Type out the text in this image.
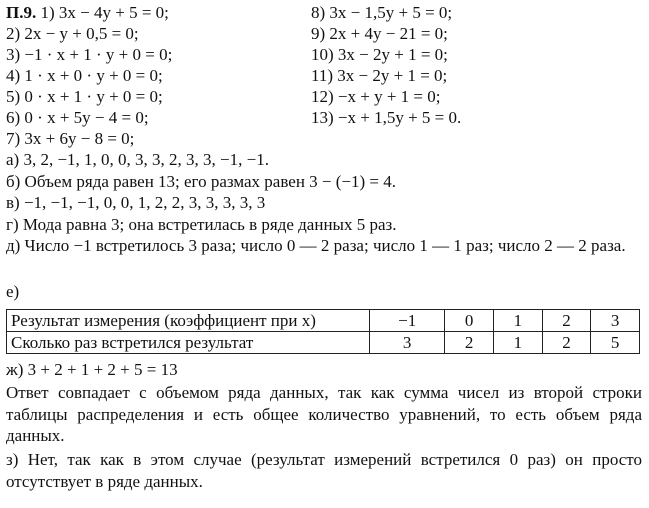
П.9. 1) 3x − 4y + 5 = 0;
2) 2x − y + 0,5 = 0;
3) −1 · x + 1 · y + 0 = 0;
4) 1 · x + 0 · y + 0 = 0;
5) 0 · x + 1 · y + 0 = 0;
6) 0 · x + 5y − 4 = 0;
7) 3x + 6y − 8 = 0;
8) 3x − 1,5y + 5 = 0;
9) 2x + 4y − 21 = 0;
10) 3x − 2y + 1 = 0;
11) 3x − 2y + 1 = 0;
12) −x + y + 1 = 0;
13) −x + 1,5y + 5 = 0.
а) 3, 2, −1, 1, 0, 0, 3, 3, 2, 3, 3, −1, −1.
б) Объем ряда равен 13; его размах равен 3 − (−1) = 4.
в) −1, −1, −1, 0, 0, 1, 2, 2, 3, 3, 3, 3, 3
г) Мода равна 3; она встретилась в ряде данных 5 раз.
д) Число −1 встретилось 3 раза; число 0 — 2 раза; число 1 — 1 раз; число 2 — 2 раза.
е)
Результат измерения (коэффициент при x)	−1	0	1	2	3
Сколько раз встретился результат	3	2	1	2	5
ж) 3 + 2 + 1 + 2 + 5 = 13
Ответ совпадает с объемом ряда данных, так как сумма чисел из второй строки таблицы распределения и есть общее количество уравнений, то есть объем ряда данных.
з) Нет, так как в этом случае (результат измерений встретился 0 раз) он просто отсутствует в ряде данных.
